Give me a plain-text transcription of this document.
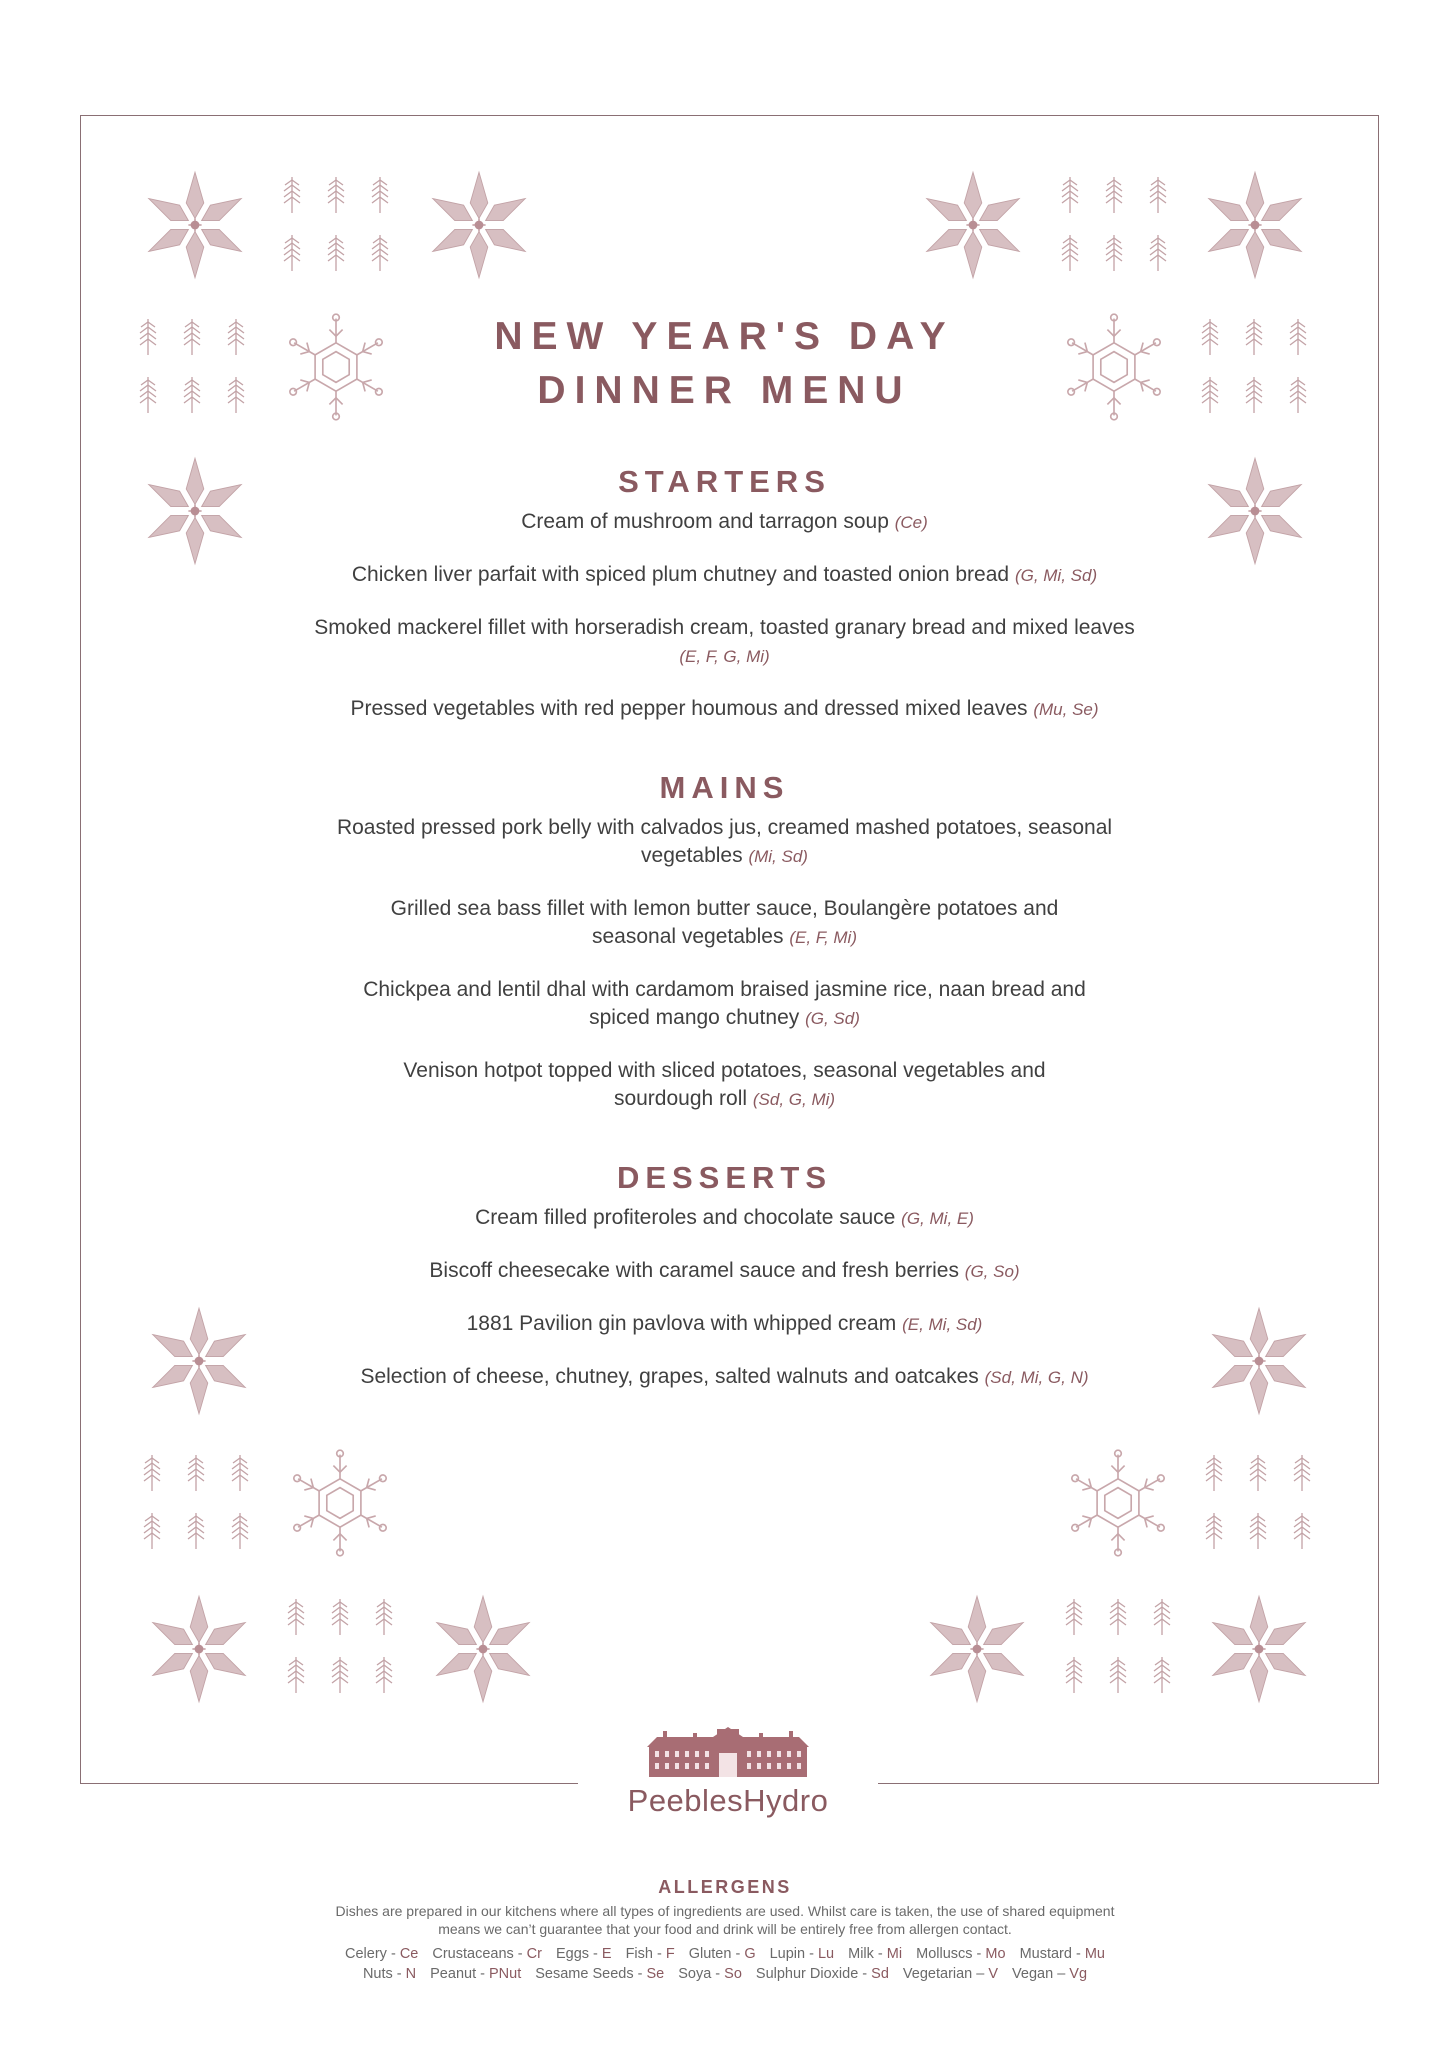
NEW YEAR'S DAY
DINNER MENU
STARTERS

Cream of mushroom and tarragon soup (Ce)

Chicken liver parfait with spiced plum chutney and toasted onion bread (G, Mi, Sd)

Smoked mackerel fillet with horseradish cream, toasted granary bread and mixed leaves (E, F, G, Mi)

Pressed vegetables with red pepper houmous and dressed mixed leaves (Mu, Se)

MAINS

Roasted pressed pork belly with calvados jus, creamed mashed potatoes, seasonal vegetables (Mi, Sd)

Grilled sea bass fillet with lemon butter sauce, Boulangère potatoes and seasonal vegetables (E, F, Mi)

Chickpea and lentil dhal with cardamom braised jasmine rice, naan bread and spiced mango chutney (G, Sd)

Venison hotpot topped with sliced potatoes, seasonal vegetables and sourdough roll (Sd, G, Mi)

DESSERTS

Cream filled profiteroles and chocolate sauce (G, Mi, E)

Biscoff cheesecake with caramel sauce and fresh berries (G, So)

1881 Pavilion gin pavlova with whipped cream (E, Mi, Sd)

Selection of cheese, chutney, grapes, salted walnuts and oatcakes (Sd, Mi, G, N)

PeeblesHydro
ALLERGENS
Dishes are prepared in our kitchens where all types of ingredients are used. Whilst care is taken, the use of shared equipment
means we can’t guarantee that your food and drink will be entirely free from allergen contact.
Celery - Ce Crustaceans - Cr Eggs - E Fish - F Gluten - G Lupin - Lu Milk - Mi Molluscs - Mo Mustard - Mu
Nuts - N Peanut - PNut Sesame Seeds - Se Soya - So Sulphur Dioxide - Sd Vegetarian – V Vegan – Vg
